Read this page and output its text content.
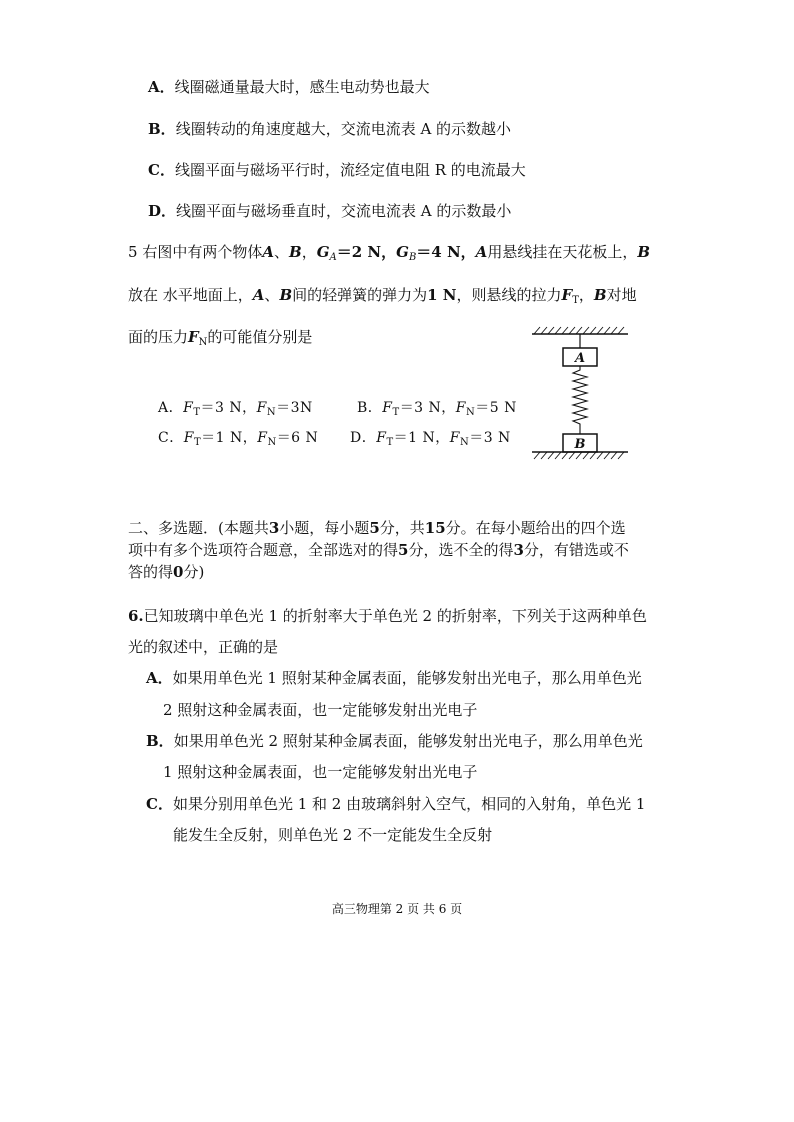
A．线圈磁通量最大时，感生电动势也最大
B．线圈转动的角速度越大，交流电流表 A 的示数越小
C．线圈平面与磁场平行时，流经定值电阻 R 的电流最大
D．线圈平面与磁场垂直时，交流电流表 A 的示数最小
5 右图中有两个物体A、B，$G_A=2$ N，$G_B=4$ N，A用悬线挂在天花板上，B
放在 水平地面上，A、B间的轻弹簧的弹力为1 N，则悬线的拉力$F_T$，B对地
面的压力$F_N$的可能值分别是
A．$F_T=3$ N，$F_N=3N$	B．$F_T=3$ N，$F_N=5$ N
C．$F_T=1$ N，$F_N=6$ N D．$F_T=1$ N，$F_N=3$ N
A
B
二、多选题．(本题共3小题，每小题5分，共15分。在每小题给出的四个选
项中有多个选项符合题意，全部选对的得5分，选不全的得3分，有错选或不
答的得0分)
6.已知玻璃中单色光 1 的折射率大于单色光 2 的折射率，下列关于这两种单色
光的叙述中，正确的是
A．如果用单色光 1 照射某种金属表面，能够发射出光电子，那么用单色光
2 照射这种金属表面，也一定能够发射出光电子
B．如果用单色光 2 照射某种金属表面，能够发射出光电子，那么用单色光
1 照射这种金属表面，也一定能够发射出光电子
C．如果分别用单色光 1 和 2 由玻璃斜射入空气，相同的入射角，单色光 1
能发生全反射，则单色光 2 不一定能发生全反射
高三物理第 2 页 共 6 页
